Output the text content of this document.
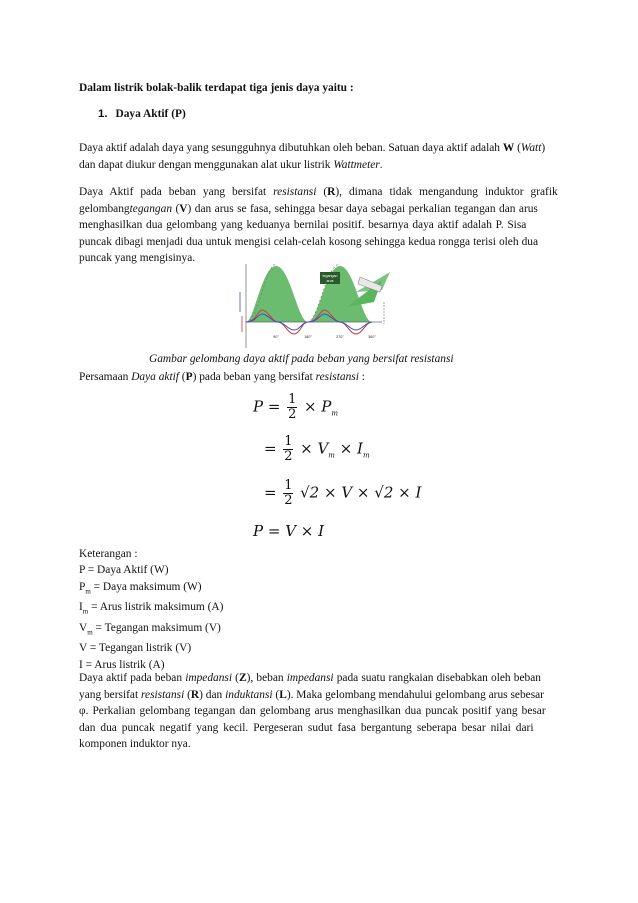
Dalam listrik bolak-balik terdapat tiga jenis daya yaitu :
1. Daya Aktif (P)
Daya aktif adalah daya yang sesungguhnya dibutuhkan oleh beban. Satuan daya aktif adalah W (Watt)
dan dapat diukur dengan menggunakan alat ukur listrik Wattmeter.
Daya Aktif pada beban yang bersifat resistansi (R), dimana tidak mengandung induktor grafik
gelombangtegangan (V) dan arus se fasa, sehingga besar daya sebagai perkalian tegangan dan arus
menghasilkan dua gelombang yang keduanya bernilai positif. besarnya daya aktif adalah P. Sisa
puncak dibagi menjadi dua untuk mengisi celah-celah kosong sehingga kedua rongga terisi oleh dua
puncak yang mengisinya.
tegangan
arus
90°	180°	270°	360°
Gambar gelombang daya aktif pada beban yang bersifat resistansi
Persamaan Daya aktif (P) pada beban yang bersifat resistansi :
$P = \frac{1}{2} \times P_m$
= $\frac{1}{2} \times V_m \times I_m$
= $\frac{1}{2} √2 \times V \times √2 \times I$
P = V × I
Keterangan :
P = Daya Aktif (W)
$P_m$ = Daya maksimum (W)
$I_m$ = Arus listrik maksimum (A)
$V_m$ = Tegangan maksimum (V)
V = Tegangan listrik (V)
I = Arus listrik (A)
Daya aktif pada beban impedansi (Z), beban impedansi pada suatu rangkaian disebabkan oleh beban
yang bersifat resistansi (R) dan induktansi (L). Maka gelombang mendahului gelombang arus sebesar
φ. Perkalian gelombang tegangan dan gelombang arus menghasilkan dua puncak positif yang besar
dan dua puncak negatif yang kecil. Pergeseran sudut fasa bergantung seberapa besar nilai dari
komponen induktor nya.
